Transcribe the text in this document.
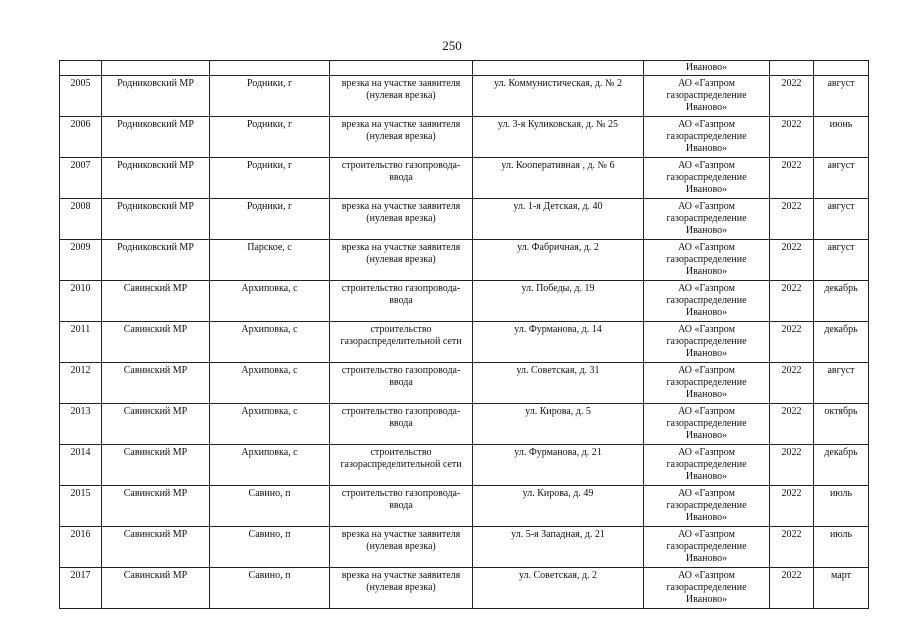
250
					Иваново»		
2005	Родниковский МР	Родники, г	врезка на участке заявителя (нулевая врезка)	ул. Коммунистическая, д. № 2	АО «Газпром газораспределение Иваново»	2022	август
2006	Родниковский МР	Родники, г	врезка на участке заявителя (нулевая врезка)	ул. 3-я Куликовская, д. № 25	АО «Газпром газораспределение Иваново»	2022	июнь
2007	Родниковский МР	Родники, г	строительство газопровода-ввода	ул. Кооперативная , д. № 6	АО «Газпром газораспределение Иваново»	2022	август
2008	Родниковский МР	Родники, г	врезка на участке заявителя (нулевая врезка)	ул. 1-я Детская, д. 40	АО «Газпром газораспределение Иваново»	2022	август
2009	Родниковский МР	Парское, с	врезка на участке заявителя (нулевая врезка)	ул. Фабричная, д. 2	АО «Газпром газораспределение Иваново»	2022	август
2010	Савинский МР	Архиповка, с	строительство газопровода-ввода	ул. Победы, д. 19	АО «Газпром газораспределение Иваново»	2022	декабрь
2011	Савинский МР	Архиповка, с	строительство газораспределительной сети	ул. Фурманова, д. 14	АО «Газпром газораспределение Иваново»	2022	декабрь
2012	Савинский МР	Архиповка, с	строительство газопровода-ввода	ул. Советская, д. 31	АО «Газпром газораспределение Иваново»	2022	август
2013	Савинский МР	Архиповка, с	строительство газопровода-ввода	ул. Кирова, д. 5	АО «Газпром газораспределение Иваново»	2022	октябрь
2014	Савинский МР	Архиповка, с	строительство газораспределительной сети	ул. Фурманова, д. 21	АО «Газпром газораспределение Иваново»	2022	декабрь
2015	Савинский МР	Савино, п	строительство газопровода-ввода	ул. Кирова, д. 49	АО «Газпром газораспределение Иваново»	2022	июль
2016	Савинский МР	Савино, п	врезка на участке заявителя (нулевая врезка)	ул. 5-я Западная, д. 21	АО «Газпром газораспределение Иваново»	2022	июль
2017	Савинский МР	Савино, п	врезка на участке заявителя (нулевая врезка)	ул. Советская, д. 2	АО «Газпром газораспределение Иваново»	2022	март
